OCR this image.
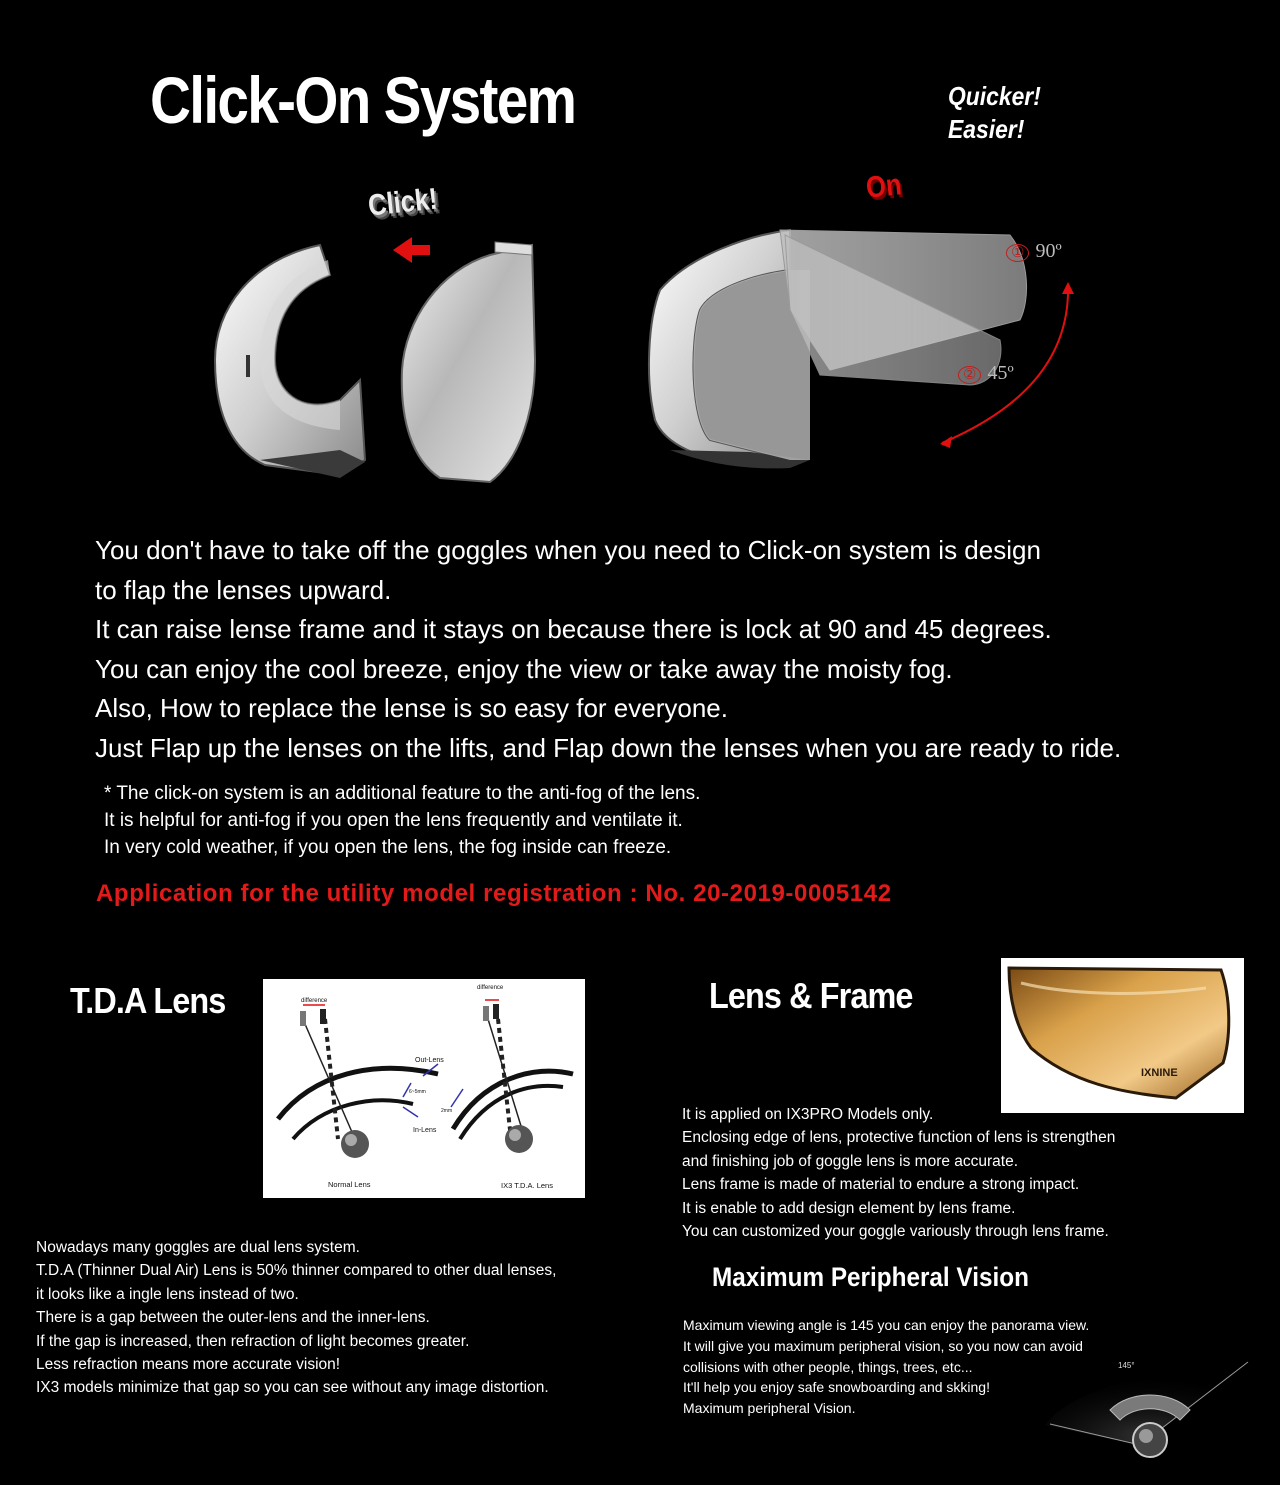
Click-On System	Quicker!
Easier!
Click!	On
① 90º
② 45º
You don't have to take off the goggles when you need to Click-on system is design
to flap the lenses upward.
It can raise lense frame and it stays on because there is lock at 90 and 45 degrees.
You can enjoy the cool breeze, enjoy the view or take away the moisty fog.
Also, How to replace the lense is so easy for everyone.
Just Flap up the lenses on the lifts, and Flap down the lenses when you are ready to ride.
* The click-on system is an additional feature to the anti-fog of the lens.
It is helpful for anti-fog if you open the lens frequently and ventilate it.
In very cold weather, if you open the lens, the fog inside can freeze.
Application for the utility model registration : No. 20-2019-0005142
T.D.A Lens	difference
Out-Lens
6~5mm
In-Lens
Normal Lens
difference
2mm
IX3 T.D.A. Lens
Nowadays many goggles are dual lens system.
T.D.A (Thinner Dual Air) Lens is 50% thinner compared to other dual lenses,
it looks like a ingle lens instead of two.
There is a gap between the outer-lens and the inner-lens.
If the gap is increased, then refraction of light becomes greater.
Less refraction means more accurate vision!
IX3 models minimize that gap so you can see without any image distortion.
Lens & Frame
IXNINE
It is applied on IX3PRO Models only.
Enclosing edge of lens, protective function of lens is strengthen
and finishing job of goggle lens is more accurate.
Lens frame is made of material to endure a strong impact.
It is enable to add design element by lens frame.
You can customized your goggle variously through lens frame.
Maximum Peripheral Vision
Maximum viewing angle is 145 you can enjoy the panorama view.
It will give you maximum peripheral vision, so you now can avoid
collisions with other people, things, trees, etc...
It'll help you enjoy safe snowboarding and skking!
Maximum peripheral Vision.
145°
